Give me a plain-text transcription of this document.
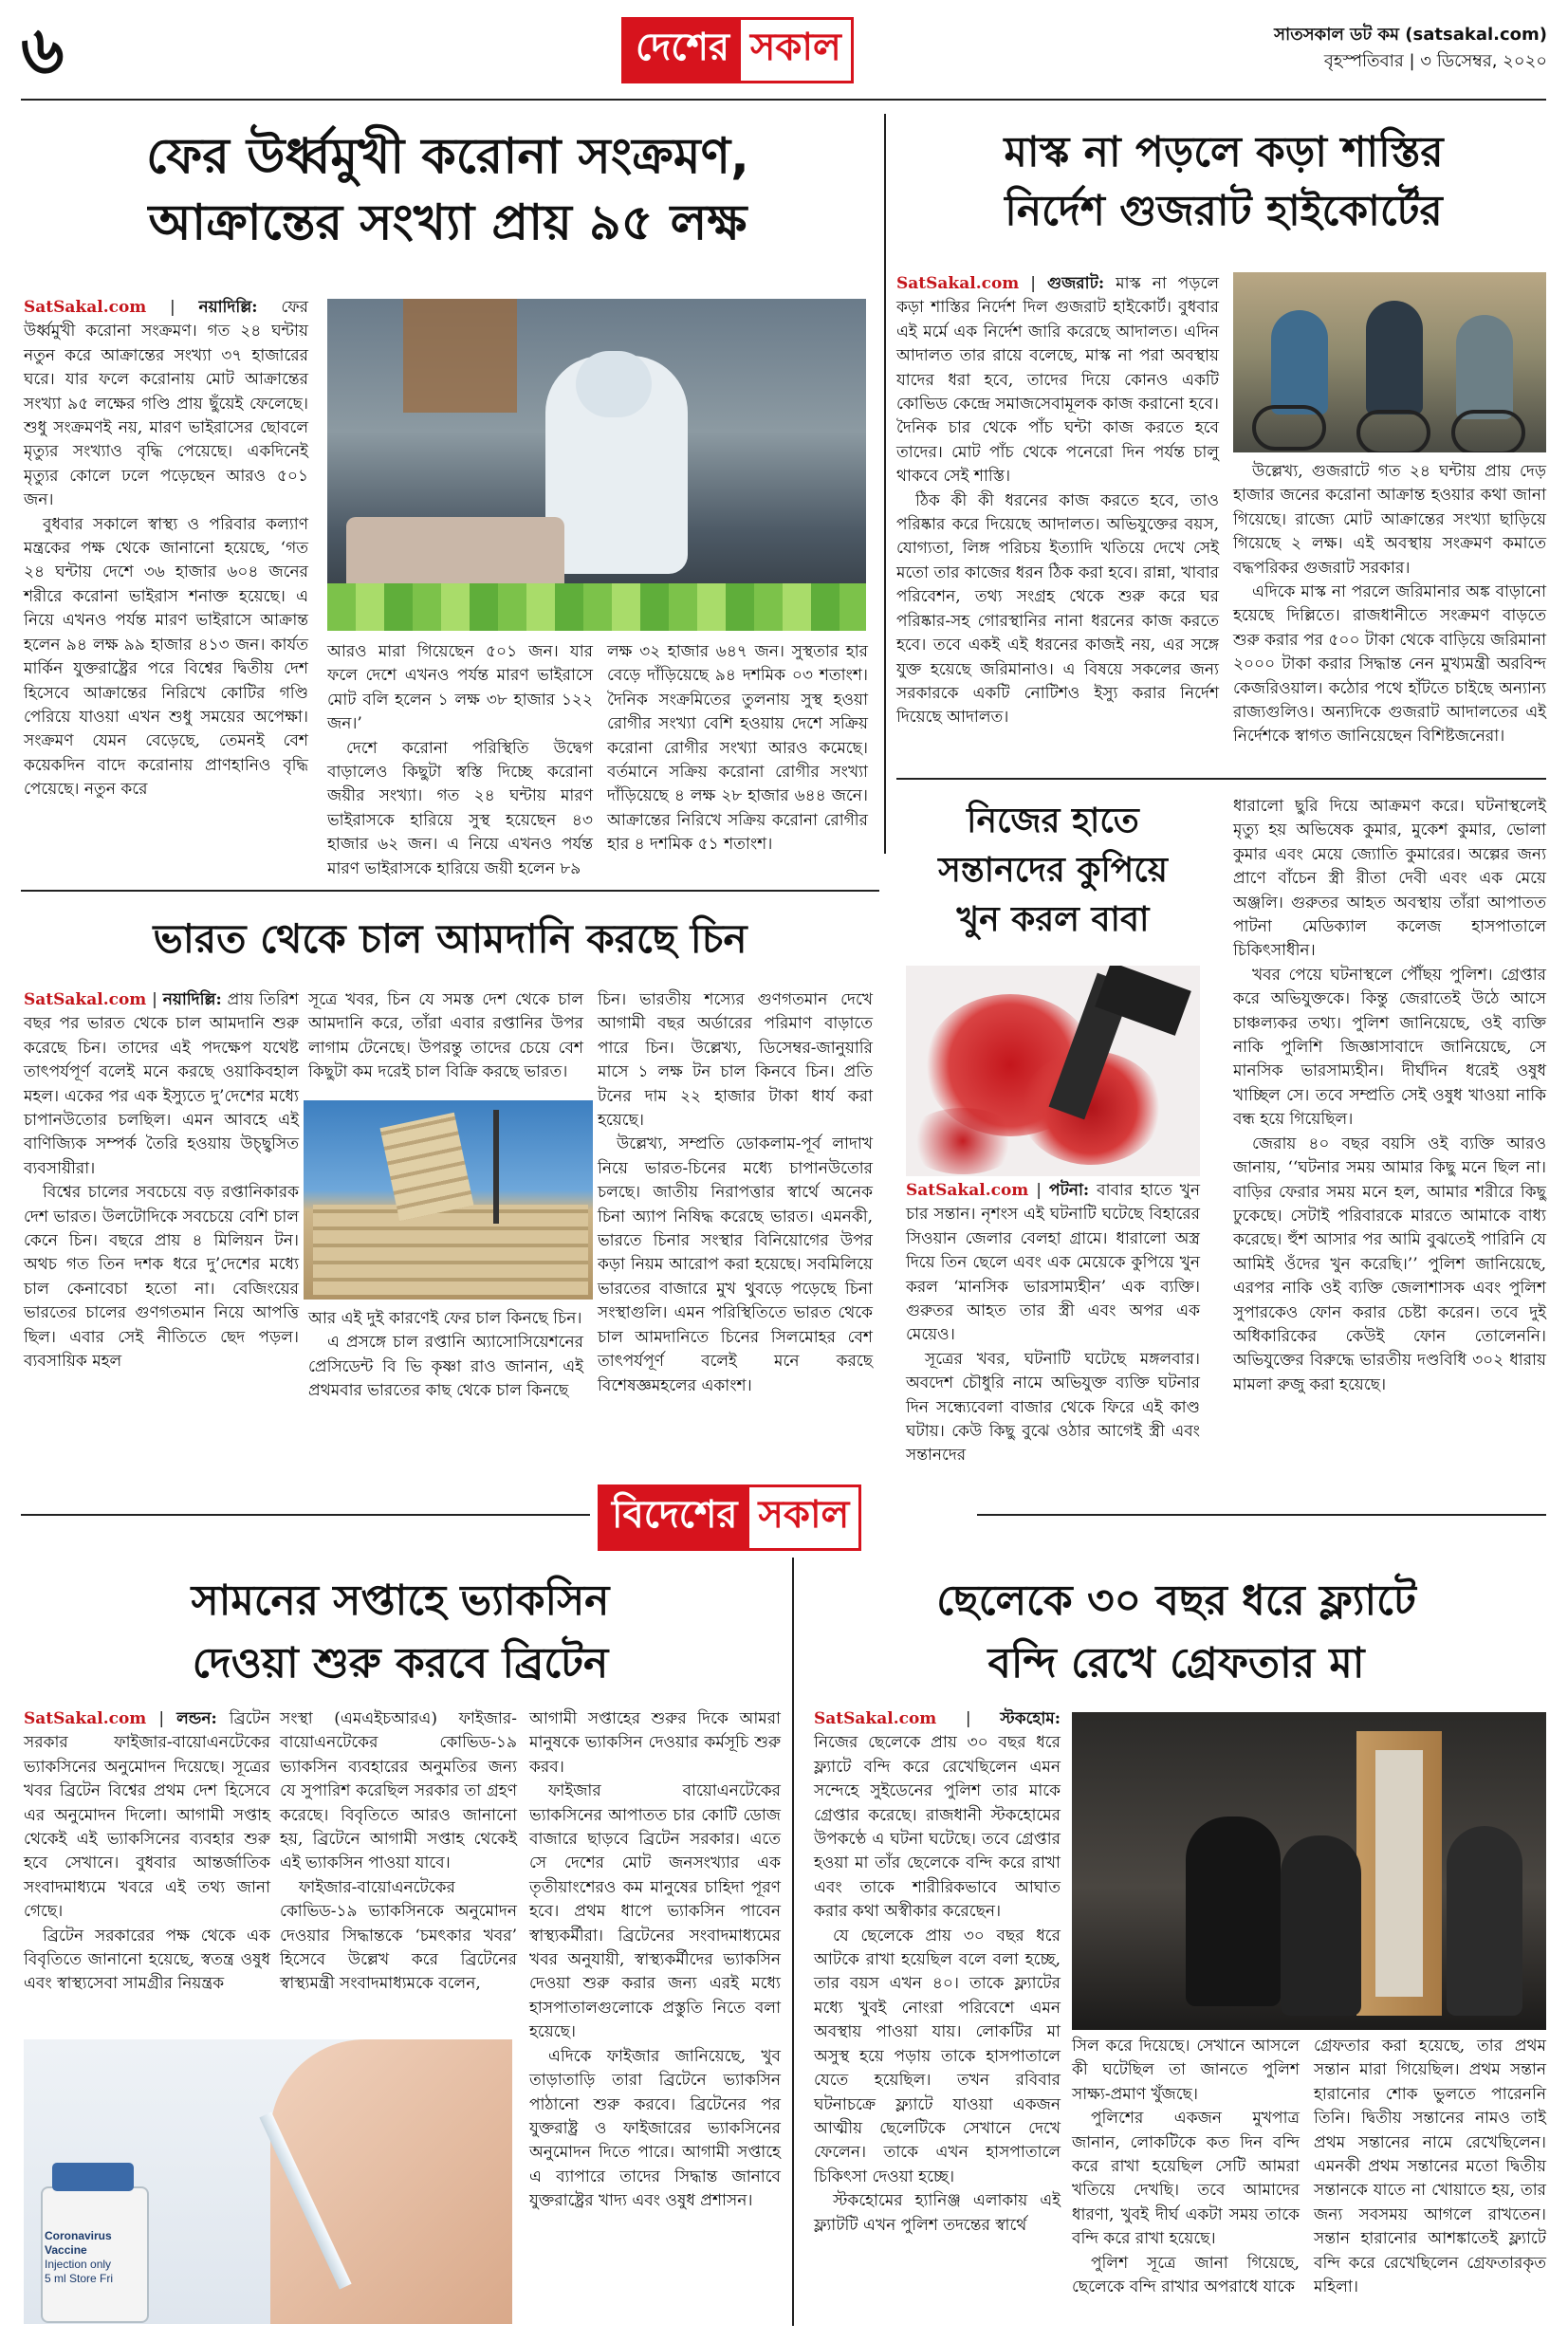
৬	দেশের সকাল	সাতসকাল ডট কম (satsakal.com)
বৃহস্পতিবার | ৩ ডিসেম্বর, ২০২০
ফের উর্ধ্বমুখী করোনা সংক্রমণ,
আক্রান্তের সংখ্যা প্রায় ৯৫ লক্ষ

SatSakal.com | নয়াদিল্লি: ফের উর্ধ্বমুখী করোনা সংক্রমণ। গত ২৪ ঘন্টায় নতুন করে আক্রান্তের সংখ্যা ৩৭ হাজারের ঘরে। যার ফলে করোনায় মোট আক্রান্তের সংখ্যা ৯৫ লক্ষের গণ্ডি প্রায় ছুঁয়েই ফেলেছে। শুধু সংক্রমণই নয়, মারণ ভাইরাসের ছোবলে মৃত্যুর সংখ্যাও বৃদ্ধি পেয়েছে। একদিনেই মৃত্যুর কোলে ঢলে পড়েছেন আরও ৫০১ জন।

বুধবার সকালে স্বাস্থ্য ও পরিবার কল্যাণ মন্ত্রকের পক্ষ থেকে জানানো হয়েছে, ‘গত ২৪ ঘন্টায় দেশে ৩৬ হাজার ৬০৪ জনের শরীরে করোনা ভাইরাস শনাক্ত হয়েছে। এ নিয়ে এখনও পর্যন্ত মারণ ভাইরাসে আক্রান্ত হলেন ৯৪ লক্ষ ৯৯ হাজার ৪১৩ জন। কার্যত মার্কিন যুক্তরাষ্ট্রের পরে বিশ্বের দ্বিতীয় দেশ হিসেবে আক্রান্তের নিরিখে কোটির গণ্ডি পেরিয়ে যাওয়া এখন শুধু সময়ের অপেক্ষা। সংক্রমণ যেমন বেড়েছে, তেমনই বেশ কয়েকদিন বাদে করোনায় প্রাণহানিও বৃদ্ধি পেয়েছে। নতুন করে

আরও মারা গিয়েছেন ৫০১ জন। যার ফলে দেশে এখনও পর্যন্ত মারণ ভাইরাসে মোট বলি হলেন ১ লক্ষ ৩৮ হাজার ১২২ জন।’

দেশে করোনা পরিস্থিতি উদ্বেগ বাড়ালেও কিছুটা স্বস্তি দিচ্ছে করোনা জয়ীর সংখ্যা। গত ২৪ ঘন্টায় মারণ ভাইরাসকে হারিয়ে সুস্থ হয়েছেন ৪৩ হাজার ৬২ জন। এ নিয়ে এখনও পর্যন্ত মারণ ভাইরাসকে হারিয়ে জয়ী হলেন ৮৯

লক্ষ ৩২ হাজার ৬৪৭ জন। সুস্থতার হার বেড়ে দাঁড়িয়েছে ৯৪ দশমিক ০৩ শতাংশ। দৈনিক সংক্রমিতের তুলনায় সুস্থ হওয়া রোগীর সংখ্যা বেশি হওয়ায় দেশে সক্রিয় করোনা রোগীর সংখ্যা আরও কমেছে। বর্তমানে সক্রিয় করোনা রোগীর সংখ্যা দাঁড়িয়েছে ৪ লক্ষ ২৮ হাজার ৬৪৪ জনে। আক্রান্তের নিরিখে সক্রিয় করোনা রোগীর হার ৪ দশমিক ৫১ শতাংশ।

মাস্ক না পড়লে কড়া শাস্তির
নির্দেশ গুজরাট হাইকোর্টের

SatSakal.com | গুজরাট: মাস্ক না পড়লে কড়া শাস্তির নির্দেশ দিল গুজরাট হাইকোর্ট। বুধবার এই মর্মে এক নির্দেশ জারি করেছে আদালত। এদিন আদালত তার রায়ে বলেছে, মাস্ক না পরা অবস্থায় যাদের ধরা হবে, তাদের দিয়ে কোনও একটি কোভিড কেন্দ্রে সমাজসেবামূলক কাজ করানো হবে। দৈনিক চার থেকে পাঁচ ঘন্টা কাজ করতে হবে তাদের। মোট পাঁচ থেকে পনেরো দিন পর্যন্ত চালু থাকবে সেই শাস্তি।

ঠিক কী কী ধরনের কাজ করতে হবে, তাও পরিষ্কার করে দিয়েছে আদালত। অভিযুক্তের বয়স, যোগ্যতা, লিঙ্গ পরিচয় ইত্যাদি খতিয়ে দেখে সেই মতো তার কাজের ধরন ঠিক করা হবে। রান্না, খাবার পরিবেশন, তথ্য সংগ্রহ থেকে শুরু করে ঘর পরিষ্কার-সহ গোরস্থানির নানা ধরনের কাজ করতে হবে। তবে একই এই ধরনের কাজই নয়, এর সঙ্গে যুক্ত হয়েছে জরিমানাও। এ বিষয়ে সকলের জন্য সরকারকে একটি নোটিশও ইস্যু করার নির্দেশ দিয়েছে আদালত।

উল্লেখ্য, গুজরাটে গত ২৪ ঘন্টায় প্রায় দেড় হাজার জনের করোনা আক্রান্ত হওয়ার কথা জানা গিয়েছে। রাজ্যে মোট আক্রান্তের সংখ্যা ছাড়িয়ে গিয়েছে ২ লক্ষ। এই অবস্থায় সংক্রমণ কমাতে বদ্ধপরিকর গুজরাট সরকার।

এদিকে মাস্ক না পরলে জরিমানার অঙ্ক বাড়ানো হয়েছে দিল্লিতে। রাজধানীতে সংক্রমণ বাড়তে শুরু করার পর ৫০০ টাকা থেকে বাড়িয়ে জরিমানা ২০০০ টাকা করার সিদ্ধান্ত নেন মুখ্যমন্ত্রী অরবিন্দ কেজরিওয়াল। কঠোর পথে হাঁটতে চাইছে অন্যান্য রাজ্যগুলিও। অন্যদিকে গুজরাট আদালতের এই নির্দেশকে স্বাগত জানিয়েছেন বিশিষ্টজনেরা।

ভারত থেকে চাল আমদানি করছে চিন

SatSakal.com | নয়াদিল্লি: প্রায় তিরিশ বছর পর ভারত থেকে চাল আমদানি শুরু করেছে চিন। তাদের এই পদক্ষেপ যথেষ্ট তাৎপর্যপূর্ণ বলেই মনে করছে ওয়াকিবহাল মহল। একের পর এক ইস্যুতে দু’দেশের মধ্যে চাপানউতোর চলছিল। এমন আবহে এই বাণিজ্যিক সম্পর্ক তৈরি হওয়ায় উচ্ছ্বসিত ব্যবসায়ীরা।

বিশ্বের চালের সবচেয়ে বড় রপ্তানিকারক দেশ ভারত। উলটোদিকে সবচেয়ে বেশি চাল কেনে চিন। বছরে প্রায় ৪ মিলিয়ন টন। অথচ গত তিন দশক ধরে দু’দেশের মধ্যে চাল কেনাবেচা হতো না। বেজিংয়ের ভারতের চালের গুণগতমান নিয়ে আপত্তি ছিল। এবার সেই নীতিতে ছেদ পড়ল। ব্যবসায়িক মহল

সূত্রে খবর, চিন যে সমস্ত দেশ থেকে চাল আমদানি করে, তাঁরা এবার রপ্তানির উপর লাগাম টেনেছে। উপরন্তু তাদের চেয়ে বেশ কিছুটা কম দরেই চাল বিক্রি করছে ভারত।

আর এই দুই কারণেই ফের চাল কিনছে চিন।

এ প্রসঙ্গে চাল রপ্তানি অ্যাসোসিয়েশনের প্রেসিডেন্ট বি ভি কৃষ্ণা রাও জানান, এই প্রথমবার ভারতের কাছ থেকে চাল কিনছে

চিন। ভারতীয় শস্যের গুণগতমান দেখে আগামী বছর অর্ডারের পরিমাণ বাড়াতে পারে চিন। উল্লেখ্য, ডিসেম্বর-জানুয়ারি মাসে ১ লক্ষ টন চাল কিনবে চিন। প্রতি টনের দাম ২২ হাজার টাকা ধার্য করা হয়েছে।

উল্লেখ্য, সম্প্রতি ডোকলাম-পূর্ব লাদাখ নিয়ে ভারত-চিনের মধ্যে চাপানউতোর চলছে। জাতীয় নিরাপত্তার স্বার্থে অনেক চিনা অ্যাপ নিষিদ্ধ করেছে ভারত। এমনকী, ভারতে চিনার সংস্থার বিনিয়োগের উপর কড়া নিয়ম আরোপ করা হয়েছে। সবমিলিয়ে ভারতের বাজারে মুখ থুবড়ে পড়েছে চিনা সংস্থাগুলি। এমন পরিস্থিতিতে ভারত থেকে চাল আমদানিতে চিনের সিলমোহর বেশ তাৎপর্যপূর্ণ বলেই মনে করছে বিশেষজ্ঞমহলের একাংশ।

নিজের হাতে
সন্তানদের কুপিয়ে
খুন করল বাবা

SatSakal.com | পটনা: বাবার হাতে খুন চার সন্তান। নৃশংস এই ঘটনাটি ঘটেছে বিহারের সিওয়ান জেলার বেলহা গ্রামে। ধারালো অস্ত্র দিয়ে তিন ছেলে এবং এক মেয়েকে কুপিয়ে খুন করল ‘মানসিক ভারসাম্যহীন’ এক ব্যক্তি। গুরুতর আহত তার স্ত্রী এবং অপর এক মেয়েও।

সূত্রের খবর, ঘটনাটি ঘটেছে মঙ্গলবার। অবদেশ চৌধুরি নামে অভিযুক্ত ব্যক্তি ঘটনার দিন সন্ধ্যেবেলা বাজার থেকে ফিরে এই কাণ্ড ঘটায়। কেউ কিছু বুঝে ওঠার আগেই স্ত্রী এবং সন্তানদের

ধারালো ছুরি দিয়ে আক্রমণ করে। ঘটনাস্থলেই মৃত্যু হয় অভিষেক কুমার, মুকেশ কুমার, ভোলা কুমার এবং মেয়ে জ্যোতি কুমারের। অল্পের জন্য প্রাণে বাঁচেন স্ত্রী রীতা দেবী এবং এক মেয়ে অঞ্জলি। গুরুতর আহত অবস্থায় তাঁরা আপাতত পাটনা মেডিক্যাল কলেজ হাসপাতালে চিকিৎসাধীন।

খবর পেয়ে ঘটনাস্থলে পৌঁছয় পুলিশ। গ্রেপ্তার করে অভিযুক্তকে। কিন্তু জেরাতেই উঠে আসে চাঞ্চল্যকর তথ্য। পুলিশ জানিয়েছে, ওই ব্যক্তি নাকি পুলিশি জিজ্ঞাসাবাদে জানিয়েছে, সে মানসিক ভারসাম্যহীন। দীর্ঘদিন ধরেই ওষুধ খাচ্ছিল সে। তবে সম্প্রতি সেই ওষুধ খাওয়া নাকি বন্ধ হয়ে গিয়েছিল।

জেরায় ৪০ বছর বয়সি ওই ব্যক্তি আরও জানায়, ‘‘ঘটনার সময় আমার কিছু মনে ছিল না। বাড়ির ফেরার সময় মনে হল, আমার শরীরে কিছু ঢুকেছে। সেটাই পরিবারকে মারতে আমাকে বাধ্য করেছে। হুঁশ আসার পর আমি বুঝতেই পারিনি যে আমিই ওঁদের খুন করেছি।’’ পুলিশ জানিয়েছে, এরপর নাকি ওই ব্যক্তি জেলাশাসক এবং পুলিশ সুপারকেও ফোন করার চেষ্টা করেন। তবে দুই অধিকারিকের কেউই ফোন তোলেননি। অভিযুক্তের বিরুদ্ধে ভারতীয় দণ্ডবিধি ৩০২ ধারায় মামলা রুজু করা হয়েছে।

বিদেশের সকাল
সামনের সপ্তাহে ভ্যাকসিন
দেওয়া শুরু করবে ব্রিটেন

SatSakal.com | লন্ডন: ব্রিটেন সরকার ফাইজার-বায়োএনটেকের ভ্যাকসিনের অনুমোদন দিয়েছে। সূত্রের খবর ব্রিটেন বিশ্বের প্রথম দেশ হিসেবে এর অনুমোদন দিলো। আগামী সপ্তাহ থেকেই এই ভ্যাকসিনের ব্যবহার শুরু হবে সেখানে। বুধবার আন্তর্জাতিক সংবাদমাধ্যমে খবরে এই তথ্য জানা গেছে।

ব্রিটেন সরকারের পক্ষ থেকে এক বিবৃতিতে জানানো হয়েছে, স্বতন্ত্র ওষুধ এবং স্বাস্থ্যসেবা সামগ্রীর নিয়ন্ত্রক

সংস্থা (এমএইচআরএ) ফাইজার-বায়োএনটেকের কোভিড-১৯ ভ্যাকসিন ব্যবহারের অনুমতির জন্য যে সুপারিশ করেছিল সরকার তা গ্রহণ করেছে। বিবৃতিতে আরও জানানো হয়, ব্রিটেনে আগামী সপ্তাহ থেকেই এই ভ্যাকসিন পাওয়া যাবে।

ফাইজার-বায়োএনটেকের কোভিড-১৯ ভ্যাকসিনকে অনুমোদন দেওয়ার সিদ্ধান্তকে ‘চমৎকার খবর’ হিসেবে উল্লেখ করে ব্রিটেনের স্বাস্থ্যমন্ত্রী সংবাদমাধ্যমকে বলেন,

Coronavirus
Vaccine
Injection only
5 ml Store Fri

আগামী সপ্তাহের শুরুর দিকে আমরা মানুষকে ভ্যাকসিন দেওয়ার কর্মসূচি শুরু করব।

ফাইজার বায়োএনটেকের ভ্যাকসিনের আপাতত চার কোটি ডোজ বাজারে ছাড়বে ব্রিটেন সরকার। এতে সে দেশের মোট জনসংখ্যার এক তৃতীয়াংশেরও কম মানুষের চাহিদা পূরণ হবে। প্রথম ধাপে ভ্যাকসিন পাবেন স্বাস্থ্যকর্মীরা। ব্রিটেনের সংবাদমাধ্যমের খবর অনুযায়ী, স্বাস্থ্যকর্মীদের ভ্যাকসিন দেওয়া শুরু করার জন্য এরই মধ্যে হাসপাতালগুলোকে প্রস্তুতি নিতে বলা হয়েছে।

এদিকে ফাইজার জানিয়েছে, খুব তাড়াতাড়ি তারা ব্রিটেনে ভ্যাকসিন পাঠানো শুরু করবে। ব্রিটেনের পর যুক্তরাষ্ট্র ও ফাইজারের ভ্যাকসিনের অনুমোদন দিতে পারে। আগামী সপ্তাহে এ ব্যাপারে তাদের সিদ্ধান্ত জানাবে যুক্তরাষ্ট্রের খাদ্য এবং ওষুধ প্রশাসন।

ছেলেকে ৩০ বছর ধরে ফ্ল্যাটে
বন্দি রেখে গ্রেফতার মা

SatSakal.com | স্টকহোম: নিজের ছেলেকে প্রায় ৩০ বছর ধরে ফ্ল্যাটে বন্দি করে রেখেছিলেন এমন সন্দেহে সুইডেনের পুলিশ তার মাকে গ্রেপ্তার করেছে। রাজধানী স্টকহোমের উপকণ্ঠে এ ঘটনা ঘটেছে। তবে গ্রেপ্তার হওয়া মা তাঁর ছেলেকে বন্দি করে রাখা এবং তাকে শারীরিকভাবে আঘাত করার কথা অস্বীকার করেছেন।

যে ছেলেকে প্রায় ৩০ বছর ধরে আটকে রাখা হয়েছিল বলে বলা হচ্ছে, তার বয়স এখন ৪০। তাকে ফ্ল্যাটের মধ্যে খুবই নোংরা পরিবেশে এমন অবস্থায় পাওয়া যায়। লোকটির মা অসুস্থ হয়ে পড়ায় তাকে হাসপাতালে যেতে হয়েছিল। তখন রবিবার ঘটনাচক্রে ফ্ল্যাটে যাওয়া একজন আত্মীয় ছেলেটিকে সেখানে দেখে ফেলেন। তাকে এখন হাসপাতালে চিকিৎসা দেওয়া হচ্ছে।

স্টকহোমের হ্যানিঞ্জ এলাকায় এই ফ্ল্যাটটি এখন পুলিশ তদন্তের স্বার্থে

সিল করে দিয়েছে। সেখানে আসলে কী ঘটেছিল তা জানতে পুলিশ সাক্ষ্য-প্রমাণ খুঁজছে।

পুলিশের একজন মুখপাত্র জানান, লোকটিকে কত দিন বন্দি করে রাখা হয়েছিল সেটি আমরা খতিয়ে দেখছি। তবে আমাদের ধারণা, খুবই দীর্ঘ একটা সময় তাকে বন্দি করে রাখা হয়েছে।

পুলিশ সূত্রে জানা গিয়েছে, ছেলেকে বন্দি রাখার অপরাধে যাকে

গ্রেফতার করা হয়েছে, তার প্রথম সন্তান মারা গিয়েছিল। প্রথম সন্তান হারানোর শোক ভুলতে পারেননি তিনি। দ্বিতীয় সন্তানের নামও তাই প্রথম সন্তানের নামে রেখেছিলেন। এমনকী প্রথম সন্তানের মতো দ্বিতীয় সন্তানকে যাতে না খোয়াতে হয়, তার জন্য সবসময় আগলে রাখতেন। সন্তান হারানোর আশঙ্কাতেই ফ্ল্যাটে বন্দি করে রেখেছিলেন গ্রেফতারকৃত মহিলা।
